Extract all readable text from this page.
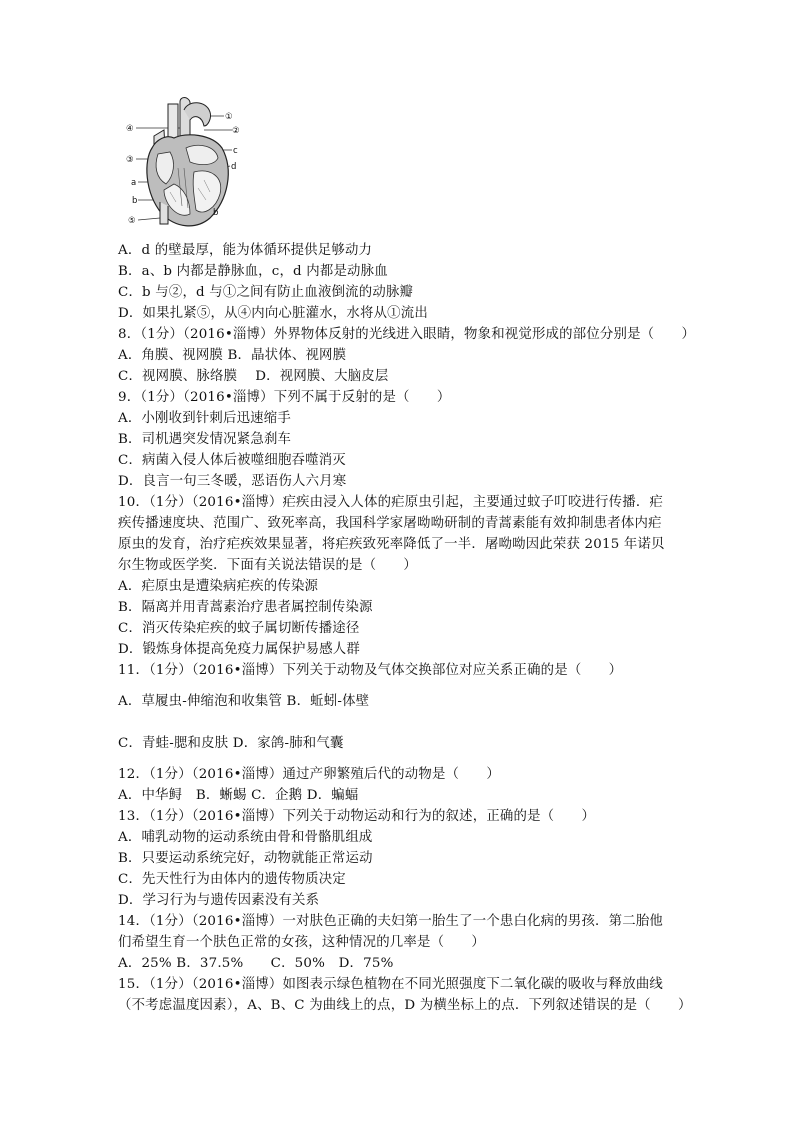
④
①
②
③
c
a
d
b
b
⑤
A．d 的壁最厚，能为体循环提供足够动力
B．a、b 内都是静脉血，c，d 内都是动脉血
C．b 与②，d 与①之间有防止血液倒流的动脉瓣
D．如果扎紧⑤，从④内向心脏灌水，水将从①流出
8．（1分）（2016•淄博）外界物体反射的光线进入眼睛，物象和视觉形成的部位分别是（　　）
A．角膜、视网膜 B．晶状体、视网膜
C．视网膜、脉络膜　 D．视网膜、大脑皮层
9．（1分）（2016•淄博）下列不属于反射的是（　　）
A．小刚收到针刺后迅速缩手
B．司机遇突发情况紧急刹车
C．病菌入侵人体后被噬细胞吞噬消灭
D．良言一句三冬暖，恶语伤人六月寒
10．（1分）（2016•淄博）疟疾由浸入人体的疟原虫引起，主要通过蚊子叮咬进行传播．疟
疾传播速度块、范围广、致死率高，我国科学家屠呦呦研制的青蒿素能有效抑制患者体内疟
原虫的发育，治疗疟疾效果显著，将疟疾致死率降低了一半．屠呦呦因此荣获 2015 年诺贝
尔生物或医学奖．下面有关说法错误的是（　　）
A．疟原虫是遭染病疟疾的传染源
B．隔离并用青蒿素治疗患者属控制传染源
C．消灭传染疟疾的蚊子属切断传播途径
D．锻炼身体提高免疫力属保护易感人群
11．（1分）（2016•淄博）下列关于动物及气体交换部位对应关系正确的是（　　）
A．草履虫-伸缩泡和收集管 B．蚯蚓-体壁
C．青蛙-腮和皮肤 D．家鸽-肺和气囊
12．（1分）（2016•淄博）通过产卵繁殖后代的动物是（　　）
A．中华鲟　B．蜥蜴 C．企鹅 D．蝙蝠
13．（1分）（2016•淄博）下列关于动物运动和行为的叙述，正确的是（　　）
A．哺乳动物的运动系统由骨和骨骼肌组成
B．只要运动系统完好，动物就能正常运动
C．先天性行为由体内的遗传物质决定
D．学习行为与遗传因素没有关系
14．（1分）（2016•淄博）一对肤色正确的夫妇第一胎生了一个患白化病的男孩．第二胎他
们希望生育一个肤色正常的女孩，这种情况的几率是（　　）
A．25% B．37.5%　　C．50%　D．75%
15．（1分）（2016•淄博）如图表示绿色植物在不同光照强度下二氧化碳的吸收与释放曲线
（不考虑温度因素），A、B、C 为曲线上的点，D 为横坐标上的点．下列叙述错误的是（　　）
